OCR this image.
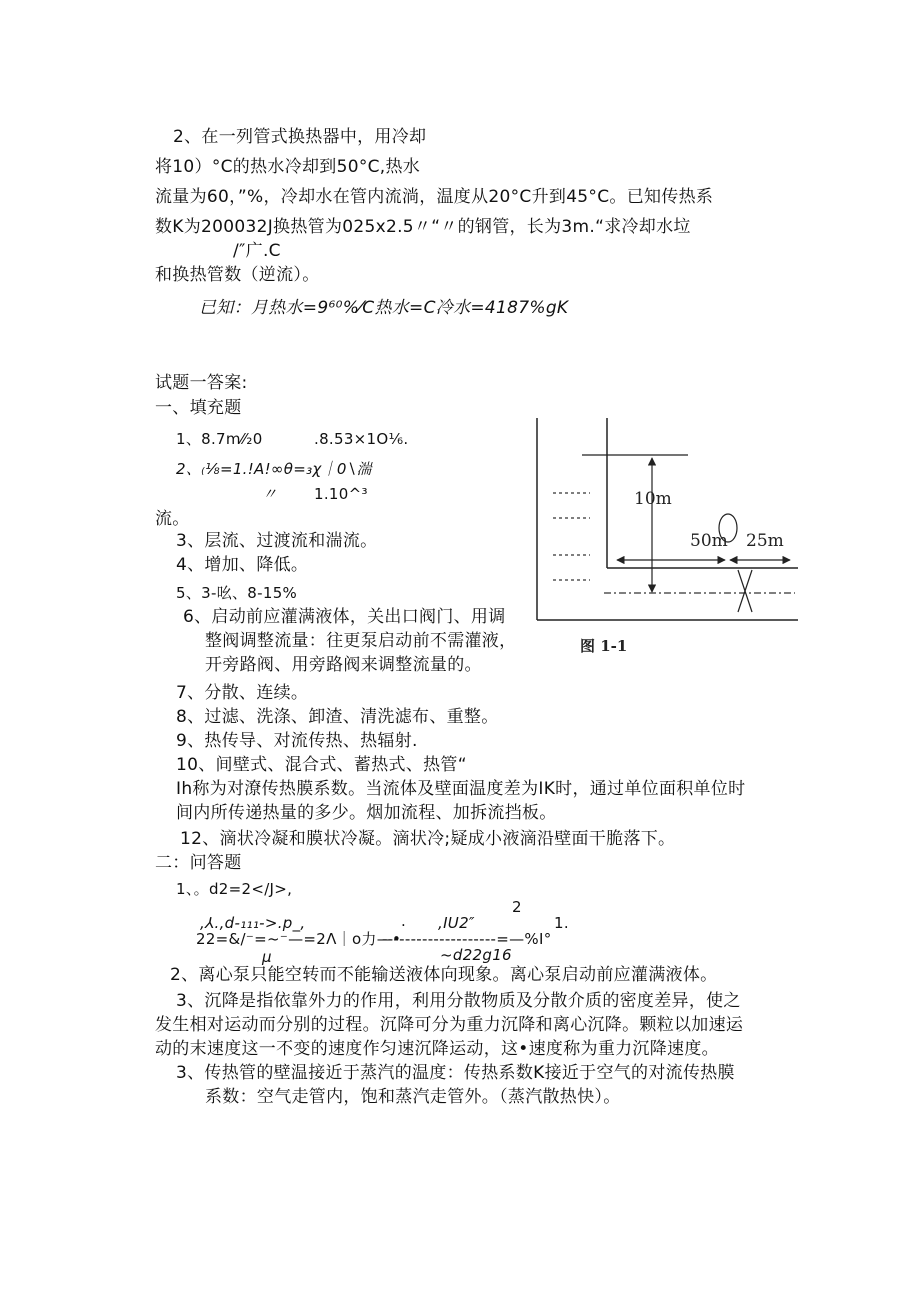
2、在一列管式换热器中，用冷却
将10）°C的热水冷却到50°C,热水
流量为60，”%，冷却水在管内流淌，温度从20°C升到45°C。已知传热系
数K为200032J换热管为025x2.5〃“〃的钢管，长为3m.“求冷却水垃
/″广.C
和换热管数（逆流）。
已知：月热水=9⁶⁰%⁄C热水=C冷水=4187%gK
试题一答案:
一、填充题
1、8.7m⁄⁄₂0	.8.53×1O⅙.
2、₍⅛=1.!A!∞θ=₃χ｜0∖湍
〃 1.10^³
流。
3、层流、过渡流和湍流。
4、增加、降低。
5、3-吆、8-15%
6、启动前应灌满液体，关出口阀门、用调
整阀调整流量：往更泵启动前不需灌液，
开旁路阀、用旁路阀来调整流量的。
7、分散、连续。
8、过滤、洗涤、卸渣、清洗滤布、重整。
9、热传导、对流传热、热辐射.
10、间壁式、混合式、蓄热式、热管“
Ih称为对潦传热膜系数。当流体及壁面温度差为IK时，通过单位面积单位时
间内所传递热量的多少。烟加流程、加拆流挡板。
12、滴状冷凝和膜状冷凝。滴状冷;疑成小液滴沿壁面干脆落下。
二：问答题
1、。d2=2</J>,
2
,⅄.,d-₁₁₁->.p_,	. ,IU2″	1.
22=&/⁻=~⁻—=2Λ｜o力—•
--------------------=—%I°
μ	~d22g16
2、离心泵只能空转而不能输送液体向现象。离心泵启动前应灌满液体。
3、沉降是指依靠外力的作用，利用分散物质及分散介质的密度差异，使之
发生相对运动而分别的过程。沉降可分为重力沉降和离心沉降。颗粒以加速运
动的末速度这一不变的速度作匀速沉降运动，这•速度称为重力沉降速度。
3、传热管的壁温接近于蒸汽的温度：传热系数K接近于空气的对流传热膜
系数：空气走管内，饱和蒸汽走管外。（蒸汽散热快）。
10m
50m 25m
图 1-1
